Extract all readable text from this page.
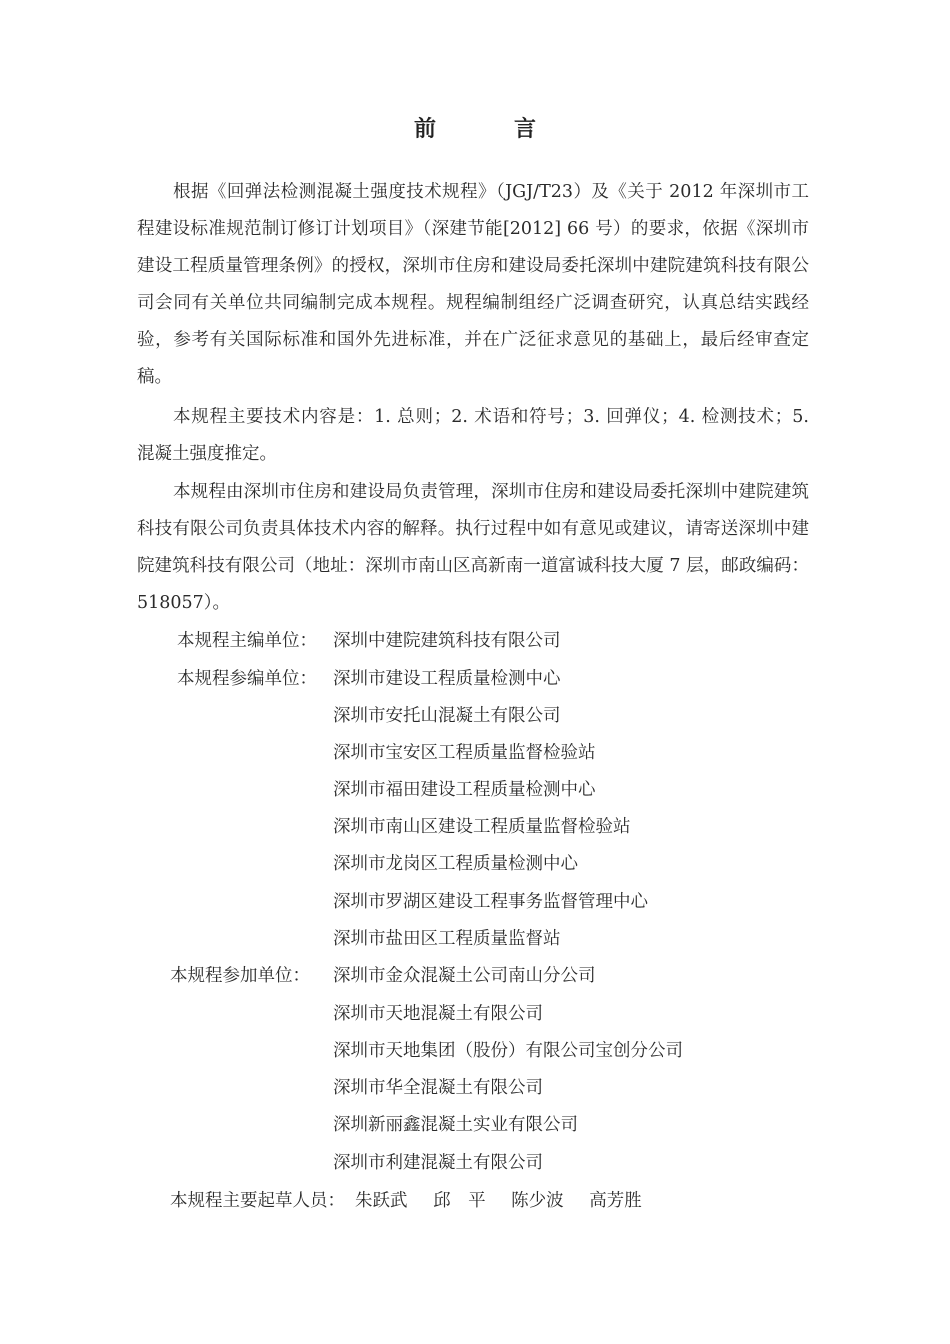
前　言

根据《回弹法检测混凝土强度技术规程》（JGJ/T23）及《关于 2012 年深圳市工程建设标准规范制订修订计划项目》（深建节能[2012] 66 号）的要求，依据《深圳市建设工程质量管理条例》的授权，深圳市住房和建设局委托深圳中建院建筑科技有限公司会同有关单位共同编制完成本规程。规程编制组经广泛调查研究，认真总结实践经验，参考有关国际标准和国外先进标准，并在广泛征求意见的基础上，最后经审查定稿。

本规程主要技术内容是：1. 总则；2. 术语和符号；3. 回弹仪；4. 检测技术；5. 混凝土强度推定。

本规程由深圳市住房和建设局负责管理，深圳市住房和建设局委托深圳中建院建筑科技有限公司负责具体技术内容的解释。执行过程中如有意见或建议，请寄送深圳中建院建筑科技有限公司（地址：深圳市南山区高新南一道富诚科技大厦 7 层，邮政编码：518057）。

本规程主编单位： 深圳中建院建筑科技有限公司
本规程参编单位： 深圳市建设工程质量检测中心
深圳市安托山混凝土有限公司
深圳市宝安区工程质量监督检验站
深圳市福田建设工程质量检测中心
深圳市南山区建设工程质量监督检验站
深圳市龙岗区工程质量检测中心
深圳市罗湖区建设工程事务监督管理中心
深圳市盐田区工程质量监督站
本规程参加单位： 深圳市金众混凝土公司南山分公司
深圳市天地混凝土有限公司
深圳市天地集团（股份）有限公司宝创分公司
深圳市华全混凝土有限公司
深圳新丽鑫混凝土实业有限公司
深圳市利建混凝土有限公司
本规程主要起草人员： 朱跃武 邱　平 陈少波 高芳胜
